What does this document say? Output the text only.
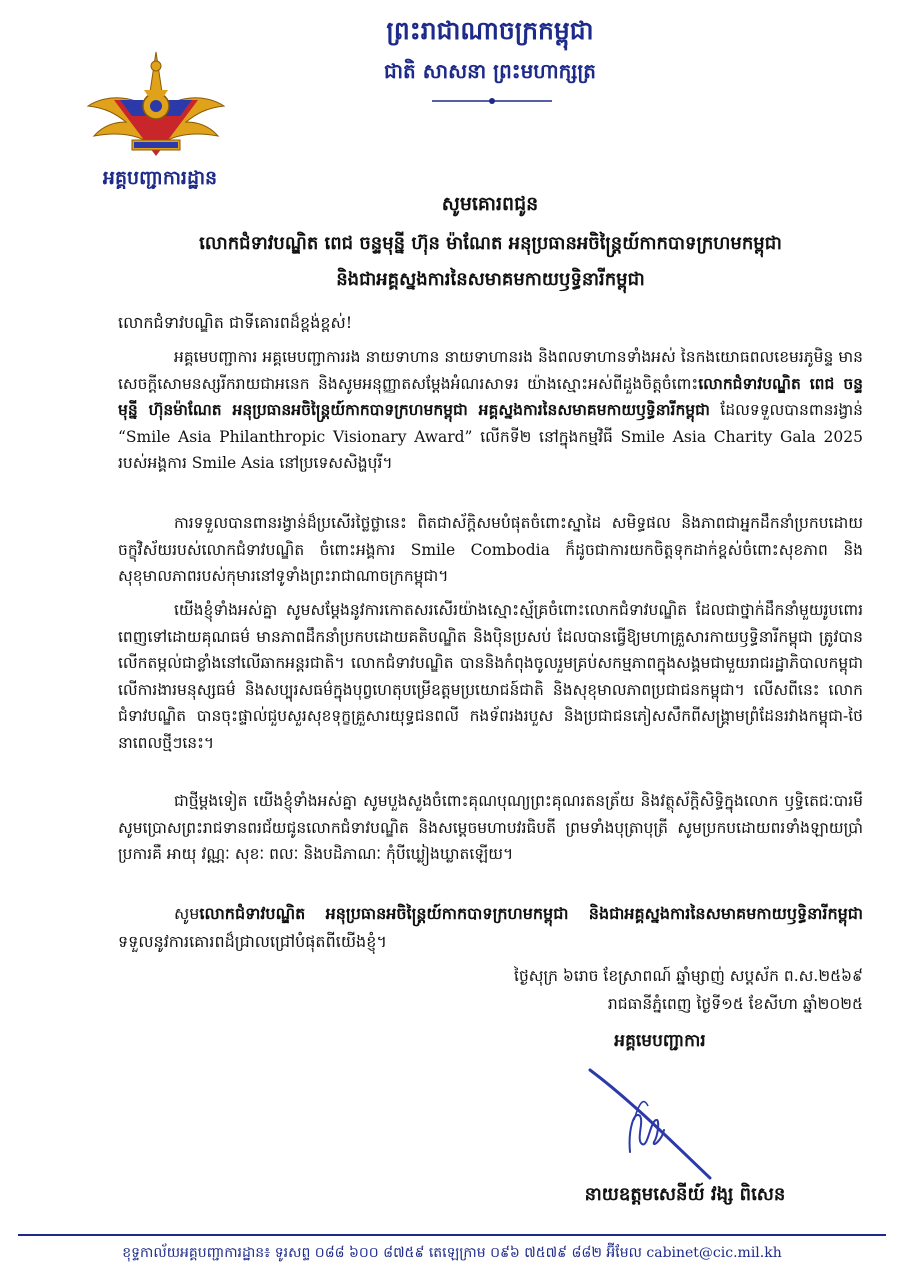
អគ្គបញ្ជាការដ្ឋាន
ព្រះរាជាណាចក្រកម្ពុជា
ជាតិ សាសនា ព្រះមហាក្សត្រ
សូមគោរពជូន
លោកជំទាវបណ្ឌិត ពេជ ចន្ទមុន្នី ហ៊ុន ម៉ាណែត អនុប្រធានអចិន្ត្រៃយ៍កាកបាទក្រហមកម្ពុជា
និងជាអគ្គស្នងការនៃសមាគមកាយឫទ្ធិនារីកម្ពុជា
លោកជំទាវបណ្ឌិត ជាទីគោរពដ៏ខ្ពង់ខ្ពស់!
អគ្គមេបញ្ជាការ អគ្គមេបញ្ជាការរង នាយទាហាន នាយទាហានរង និងពលទាហានទាំងអស់ នៃកងយោធពលខេមរភូមិន្ទ មានសេចក្តីសោមនស្សរីករាយជាអនេក និងសូមអនុញ្ញាតសម្តែងអំណរសាទរ យ៉ាងស្មោះអស់ពីដួងចិត្តចំពោះលោកជំទាវបណ្ឌិត ពេជ ចន្ទមុន្នី ហ៊ុនម៉ាណែត អនុប្រធានអចិន្ត្រៃយ៍កាកបាទក្រហមកម្ពុជា អគ្គស្នងការនៃសមាគមកាយឫទ្ធិនារីកម្ពុជា ដែលទទួលបានពានរង្វាន់ “Smile Asia Philanthropic Visionary Award” លើកទី២ នៅក្នុងកម្មវិធី Smile Asia Charity Gala 2025 របស់អង្គការ Smile Asia នៅប្រទេសសិង្ហបុរី។
ការទទួលបានពានរង្វាន់ដ៏ប្រសើរថ្លៃថ្លានេះ ពិតជាស័ក្តិសមបំផុតចំពោះស្នាដៃ សមិទ្ធផល និងភាពជាអ្នកដឹកនាំប្រកបដោយចក្ខុវិស័យរបស់លោកជំទាវបណ្ឌិត ចំពោះអង្គការ Smile Combodia ក៏ដូចជាការយកចិត្តទុកដាក់ខ្ពស់ចំពោះសុខភាព និងសុខុមាលភាពរបស់កុមារនៅទូទាំងព្រះរាជាណាចក្រកម្ពុជា។
យើងខ្ញុំទាំងអស់គ្នា សូមសម្តែងនូវការកោតសរសើរយ៉ាងស្មោះស្ម័គ្រចំពោះលោកជំទាវបណ្ឌិត ដែលជាថ្នាក់ដឹកនាំមួយរូបពោរពេញទៅដោយគុណធម៌ មានភាពដឹកនាំប្រកបដោយគតិបណ្ឌិត និងប៉ិនប្រសប់ ដែលបានធ្វើឱ្យមហាគ្រួសារកាយឫទ្ធិនារីកម្ពុជា ត្រូវបានលើកតម្កល់ជាខ្លាំងនៅលើឆាកអន្តរជាតិ។ លោកជំទាវបណ្ឌិត បាននិងកំពុងចូលរួមគ្រប់សកម្មភាពក្នុងសង្គមជាមួយរាជរដ្ឋាភិបាលកម្ពុជា លើការងារមនុស្សធម៌ និងសប្បុរសធម៌ក្នុងបុព្វហេតុបម្រើឧត្តមប្រយោជន៍ជាតិ និងសុខុមាលភាពប្រជាជនកម្ពុជា។ លើសពីនេះ លោកជំទាវបណ្ឌិត បានចុះផ្ទាល់ជួបសួរសុខទុក្ខគ្រួសារយុទ្ធជនពលី កងទ័ពរងរបួស និងប្រជាជនភៀសសឹកពីសង្គ្រាមព្រំដែនរវាងកម្ពុជា-ថៃ នាពេលថ្មីៗនេះ។
ជាថ្មីម្តងទៀត យើងខ្ញុំទាំងអស់គ្នា សូមបួងសួងចំពោះគុណបុណ្យព្រះគុណរតនត្រ័យ និងវត្ថុស័ក្តិសិទ្ធិក្នុងលោក ឫទ្ធិតេជៈបារមី សូមប្រោសព្រះរាជទានពរជ័យជូនលោកជំទាវបណ្ឌិត និងសម្តេចមហាបវរធិបតី ព្រមទាំងបុត្រាបុត្រី សូមប្រកបដោយពរទាំងឡាយប្រាំប្រការគឺ អាយុ វណ្ណៈ សុខៈ ពលៈ និងបដិភាណៈ កុំបីឃ្លៀងឃ្លាតឡើយ។
សូមលោកជំទាវបណ្ឌិត អនុប្រធានអចិន្ត្រៃយ៍កាកបាទក្រហមកម្ពុជា និងជាអគ្គស្នងការនៃសមាគមកាយឫទ្ធិនារីកម្ពុជា ទទួលនូវការគោរពដ៏ជ្រាលជ្រៅបំផុតពីយើងខ្ញុំ។
ថ្ងៃសុក្រ ៦រោច ខែស្រាពណ៍ ឆ្នាំម្សាញ់ សប្តស័ក ព.ស.២៥៦៩
រាជធានីភ្នំពេញ ថ្ងៃទី១៥ ខែសីហា ឆ្នាំ២០២៥
អគ្គមេបញ្ជាការ
នាយឧត្តមសេនីយ៍ វង្ស ពិសេន
ខុទ្ទកាល័យអគ្គបញ្ជាការដ្ឋាន៖ ទូរសព្ទ ០៨៨ ៦០០ ៨៧៥៩ តេឡេក្រាម ០៩៦ ៧៥៧៩ ៨៨២ អ៊ីមែល cabinet@cic.mil.kh
